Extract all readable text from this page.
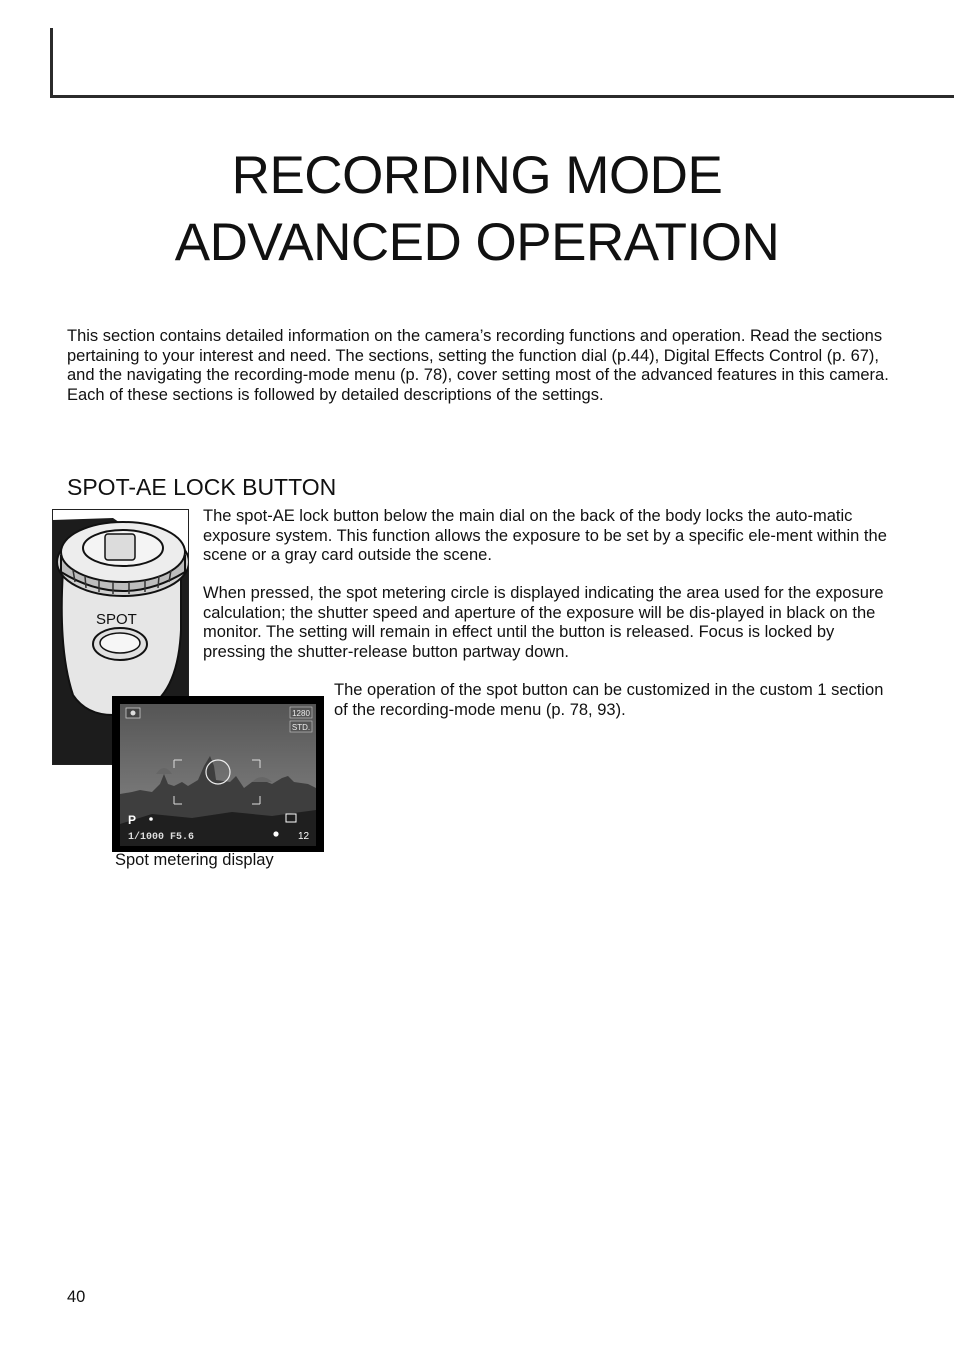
RECORDING MODE
ADVANCED OPERATION

This section contains detailed information on the camera’s recording functions and operation. Read the sections pertaining to your interest and need. The sections, setting the function dial (p.44), Digital Effects Control (p. 67), and the navigating the recording-mode menu (p. 78), cover setting most of the advanced features in this camera. Each of these sections is followed by detailed descriptions of the settings.

SPOT-AE LOCK BUTTON
SPOT
1280
STD.
P
1/1000 F5.6	12

The spot-AE lock button below the main dial on the back of the body locks the auto-matic exposure system. This function allows the exposure to be set by a specific ele-ment within the scene or a gray card outside the scene.

When pressed, the spot metering circle is displayed indicating the area used for the exposure calculation; the shutter speed and aperture of the exposure will be dis-played in black on the monitor. The setting will remain in effect until the button is released. Focus is locked by pressing the shutter-release button partway down.

The operation of the spot button can be customized in the custom 1 section of the recording-mode menu (p. 78, 93).

Spot metering display

40
